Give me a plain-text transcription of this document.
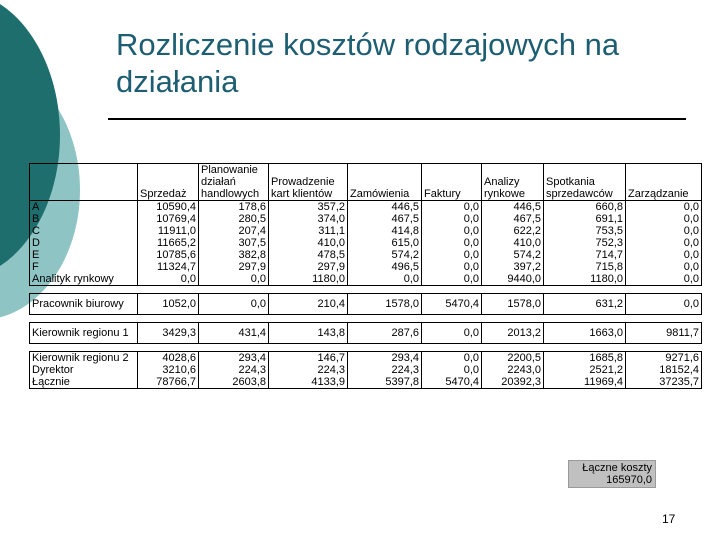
Rozliczenie kosztów rodzajowych na działania
	Sprzedaż	Planowanie działań handlowych	Prowadzenie kart klientów	Zamówienia	Faktury	Analizy rynkowe	Spotkania sprzedawców	Zarządzanie
A	10590,4	178,6	357,2	446,5	0,0	446,5	660,8	0,0
B	10769,4	280,5	374,0	467,5	0,0	467,5	691,1	0,0
C	11911,0	207,4	311,1	414,8	0,0	622,2	753,5	0,0
D	11665,2	307,5	410,0	615,0	0,0	410,0	752,3	0,0
E	10785,6	382,8	478,5	574,2	0,0	574,2	714,7	0,0
F	11324,7	297,9	297,9	496,5	0,0	397,2	715,8	0,0
Analityk rynkowy	0,0	0,0	1180,0	0,0	0,0	9440,0	1180,0	0,0

Pracownik biurowy	1052,0	0,0	210,4	1578,0	5470,4	1578,0	631,2	0,0

Kierownik regionu 1	3429,3	431,4	143,8	287,6	0,0	2013,2	1663,0	9811,7

Kierownik regionu 2	4028,6	293,4	146,7	293,4	0,0	2200,5	1685,8	9271,6
Dyrektor	3210,6	224,3	224,3	224,3	0,0	2243,0	2521,2	18152,4
Łącznie	78766,7	2603,8	4133,9	5397,8	5470,4	20392,3	11969,4	37235,7
Łączne koszty
165970,0
17
